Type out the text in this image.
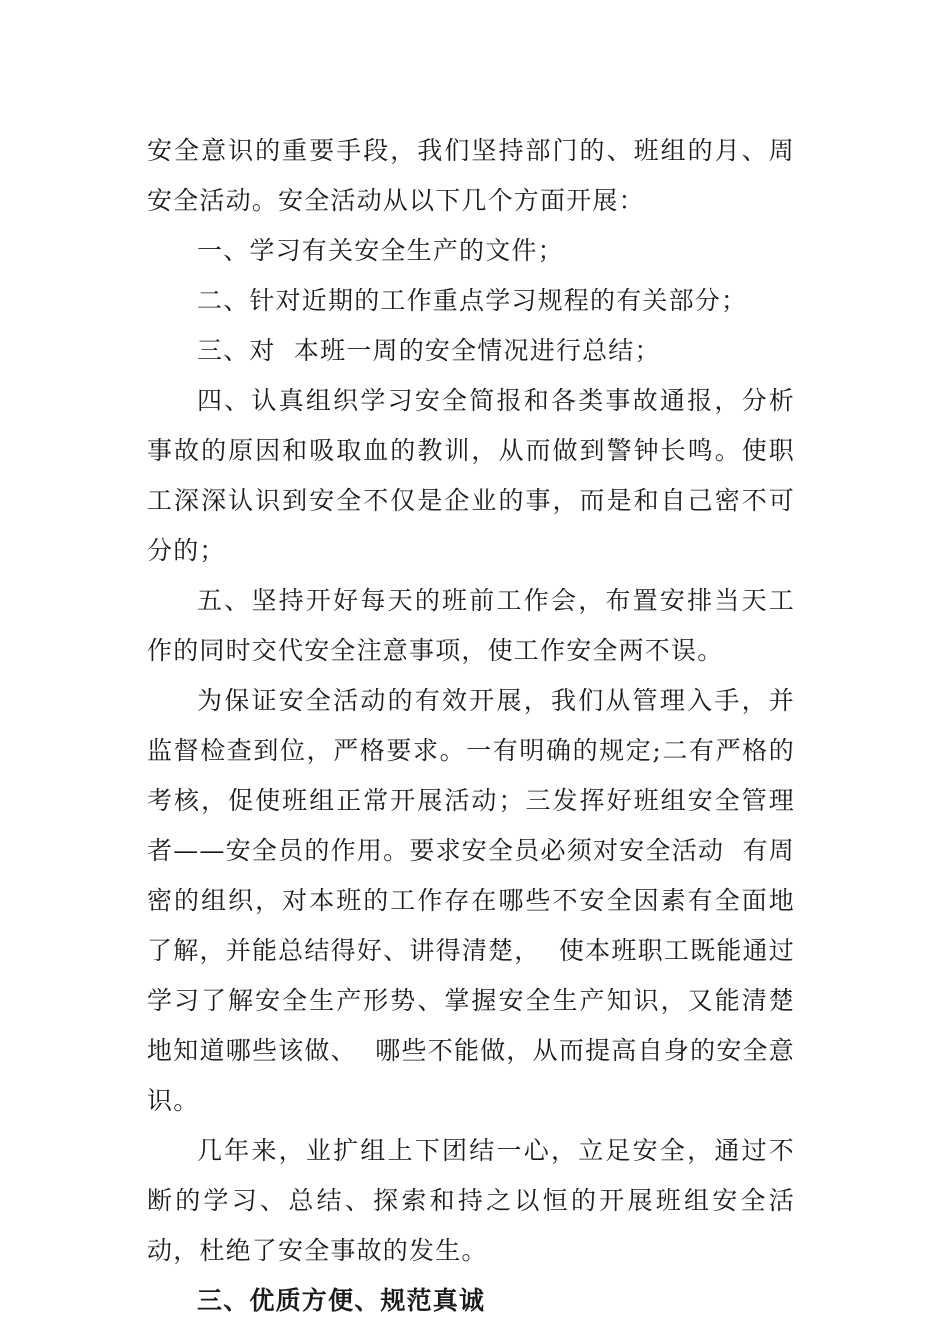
安全意识的重要手段，我们坚持部门的、班组的月、周安全活动。安全活动从以下几个方面开展：

一、学习有关安全生产的文件；

二、针对近期的工作重点学习规程的有关部分；

三、对  本班一周的安全情况进行总结；

四、认真组织学习安全简报和各类事故通报，分析事故的原因和吸取血的教训，从而做到警钟长鸣。使职工深深认识到安全不仅是企业的事，而是和自己密不可分的；

五、坚持开好每天的班前工作会，布置安排当天工作的同时交代安全注意事项，使工作安全两不误。

为保证安全活动的有效开展，我们从管理入手，并监督检查到位，严格要求。一有明确的规定;二有严格的考核，促使班组正常开展活动；三发挥好班组安全管理者——安全员的作用。要求安全员必须对安全活动  有周密的组织，对本班的工作存在哪些不安全因素有全面地了解，并能总结得好、讲得清楚，  使本班职工既能通过学习了解安全生产形势、掌握安全生产知识，又能清楚地知道哪些该做、  哪些不能做，从而提高自身的安全意识。

几年来，业扩组上下团结一心，立足安全，通过不断的学习、总结、探索和持之以恒的开展班组安全活动，杜绝了安全事故的发生。

三、优质方便、规范真诚
